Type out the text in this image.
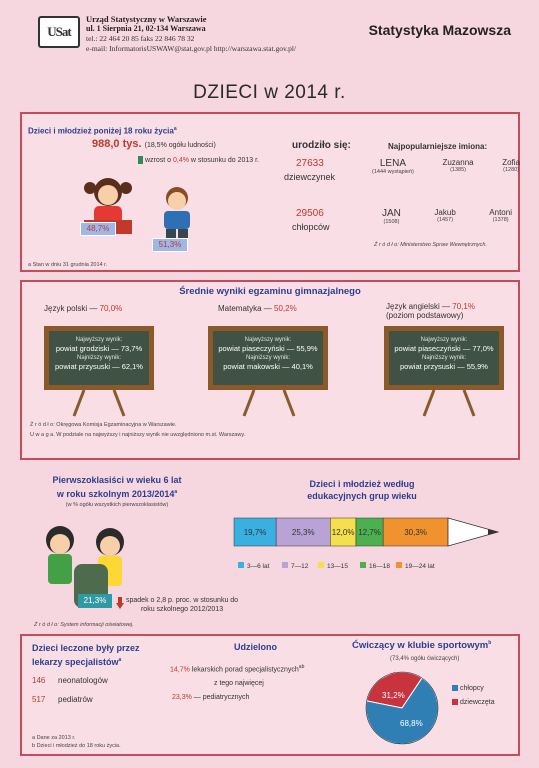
USat
Urząd Statystyczny w Warszawie
ul. 1 Sierpnia 21, 02-134 Warszawa
tel.: 22 464 20 85 faks 22 846 78 32
e-mail: InformatorisUSWAW@stat.gov.pl http://warszawa.stat.gov.pl/
Statystyka Mazowsza
DZIECI w 2014 r.
Dzieci i młodzież poniżej 18 roku życia$^a$
988,0 tys. (18,5% ogółu ludności)
wzrost o 0,4% w stosunku do 2013 r.
48,7%
51,3%
a Stan w dniu 31 grudnia 2014 r.
urodziło się:
27633
dziewczynek
29506
chłopców
Najpopularniejsze imiona:
LENA
(1444 wystąpień)
Zuzanna
(1385)
Zofia
(1280)
JAN
(1508)
Jakub
(1457)
Antoni
(1378)
Ź r ó d ł o: Ministerstwo Spraw Wewnętrznych.
Średnie wyniki egzaminu gimnazjalnego
Język polski — 70,0%	Matematyka — 50,2%	Język angielski — 70,1%
(poziom podstawowy)
Najwyższy wynik:
powiat grodziski — 73,7%
Najniższy wynik:
powiat przysuski — 62,1%
Najwyższy wynik:
powiat piaseczyński — 55,9%
Najniższy wynik:
powiat makowski — 40,1%
Najwyższy wynik:
powiat piaseczyński — 77,0%
Najniższy wynik:
powiat przysuski — 55,9%
Ź r ó d ł o: Okręgowa Komisja Egzaminacyjna w Warszawie.
U w a g a. W podziale na najwyższy i najniższy wynik nie uwzględniono m.st. Warszawy.
Pierwszoklasiści w wieku 6 lat
w roku szkolnym 2013/2014$^a$
(w % ogółu wszystkich pierwszoklasistów)
21,3%	spadek o 2,8 p. proc. w stosunku do
roku szkolnego 2012/2013
Ź r ó d ł o: System informacji oświatowej.
Dzieci i młodzież według
edukacyjnych grup wieku
19,7%	25,3% 12,0% 12,7%	30,3%
3—6 lat	7—12	13—15	16—18 19—24 lat
Dzieci leczone były przez
lekarzy specjalistów$^a$
146 neonatologów
517 pediatrów
Udzielono
14,7% lekarskich porad specjalistycznych$^{ab}$
z tego najwięcej
23,3% — pediatrycznych
Ćwiczący w klubie sportowym$^b$
(73,4% ogółu ćwiczących)
31,2%
68,8%
chłopcy
dziewczęta
a Dane za 2013 r.
b Dzieci i młodzież do 18 roku życia.
